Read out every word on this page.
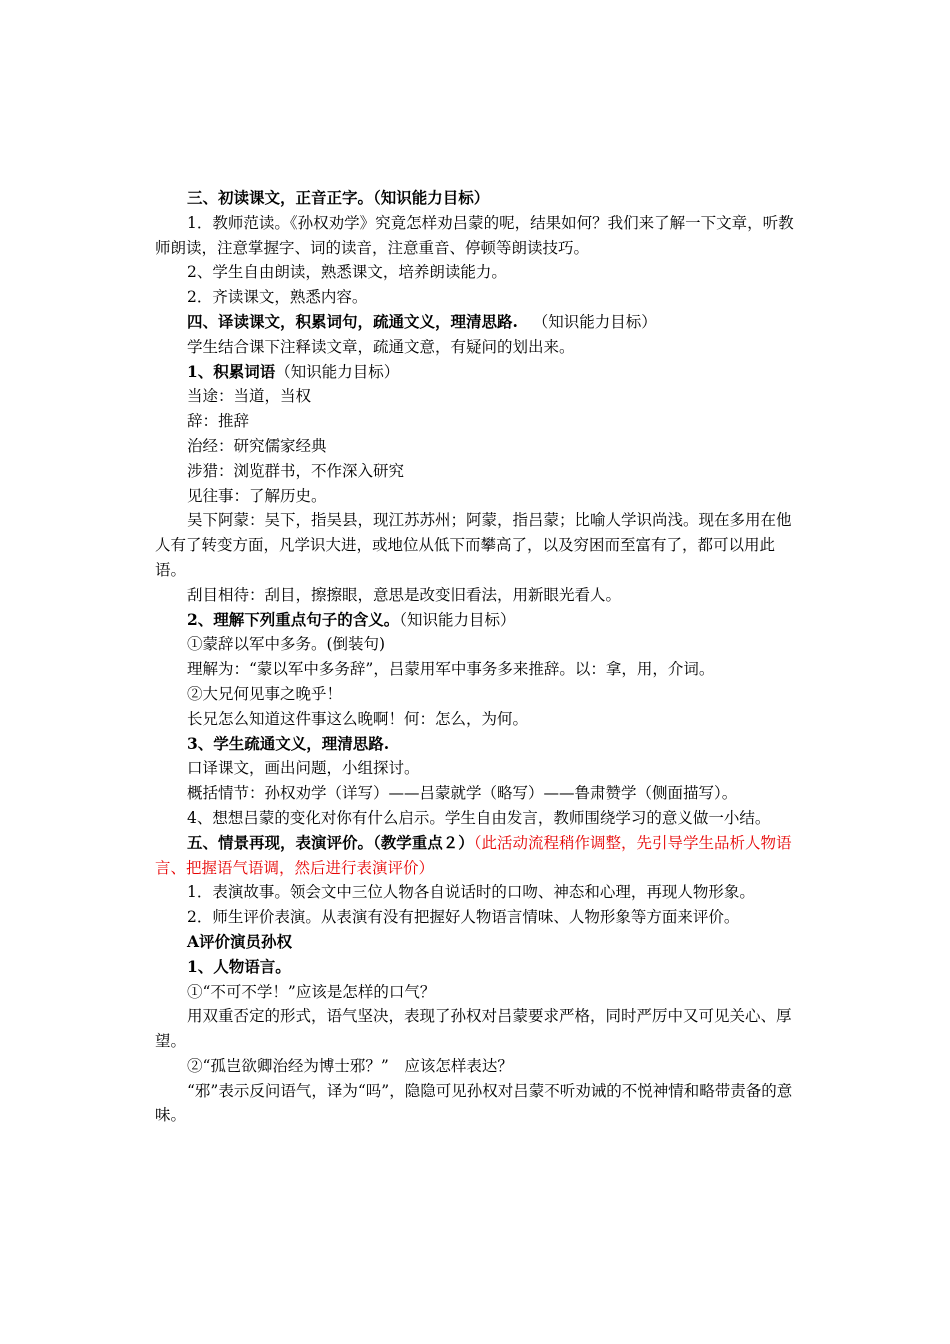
三、初读课文，正音正字。（知识能力目标）

1．教师范读。《孙权劝学》究竟怎样劝吕蒙的呢，结果如何？我们来了解一下文章，听教师朗读，注意掌握字、词的读音，注意重音、停顿等朗读技巧。

2、学生自由朗读，熟悉课文，培养朗读能力。

2．齐读课文，熟悉内容。

四、译读课文，积累词句，疏通文义，理清思路. （知识能力目标）

学生结合课下注释读文章，疏通文意，有疑问的划出来。

1、积累词语（知识能力目标）

当途：当道，当权

辞：推辞

治经：研究儒家经典

涉猎：浏览群书，不作深入研究

见往事：了解历史。

吴下阿蒙：吴下，指吴县，现江苏苏州；阿蒙，指吕蒙；比喻人学识尚浅。现在多用在他人有了转变方面，凡学识大进，或地位从低下而攀高了，以及穷困而至富有了，都可以用此语。

刮目相待：刮目，擦擦眼，意思是改变旧看法，用新眼光看人。

2、理解下列重点句子的含义。（知识能力目标）

①蒙辞以军中多务。(倒装句)

理解为：“蒙以军中多务辞”，吕蒙用军中事务多来推辞。以：拿，用，介词。

②大兄何见事之晚乎！

长兄怎么知道这件事这么晚啊！何：怎么，为何。

3、学生疏通文义，理清思路.

口译课文，画出问题，小组探讨。

概括情节：孙权劝学（详写）——吕蒙就学（略写）——鲁肃赞学（侧面描写）。

4、想想吕蒙的变化对你有什么启示。学生自由发言，教师围绕学习的意义做一小结。

五、情景再现，表演评价。（教学重点２）（此活动流程稍作调整，先引导学生品析人物语言、把握语气语调，然后进行表演评价）

1．表演故事。领会文中三位人物各自说话时的口吻、神态和心理，再现人物形象。

2．师生评价表演。从表演有没有把握好人物语言情味、人物形象等方面来评价。

A评价演员孙权

1、人物语言。

①“不可不学！”应该是怎样的口气？

用双重否定的形式，语气坚决，表现了孙权对吕蒙要求严格，同时严厉中又可见关心、厚望。

②“孤岂欲卿治经为博士邪？”　应该怎样表达？

“邪”表示反问语气，译为“吗”，隐隐可见孙权对吕蒙不听劝诫的不悦神情和略带责备的意味。
